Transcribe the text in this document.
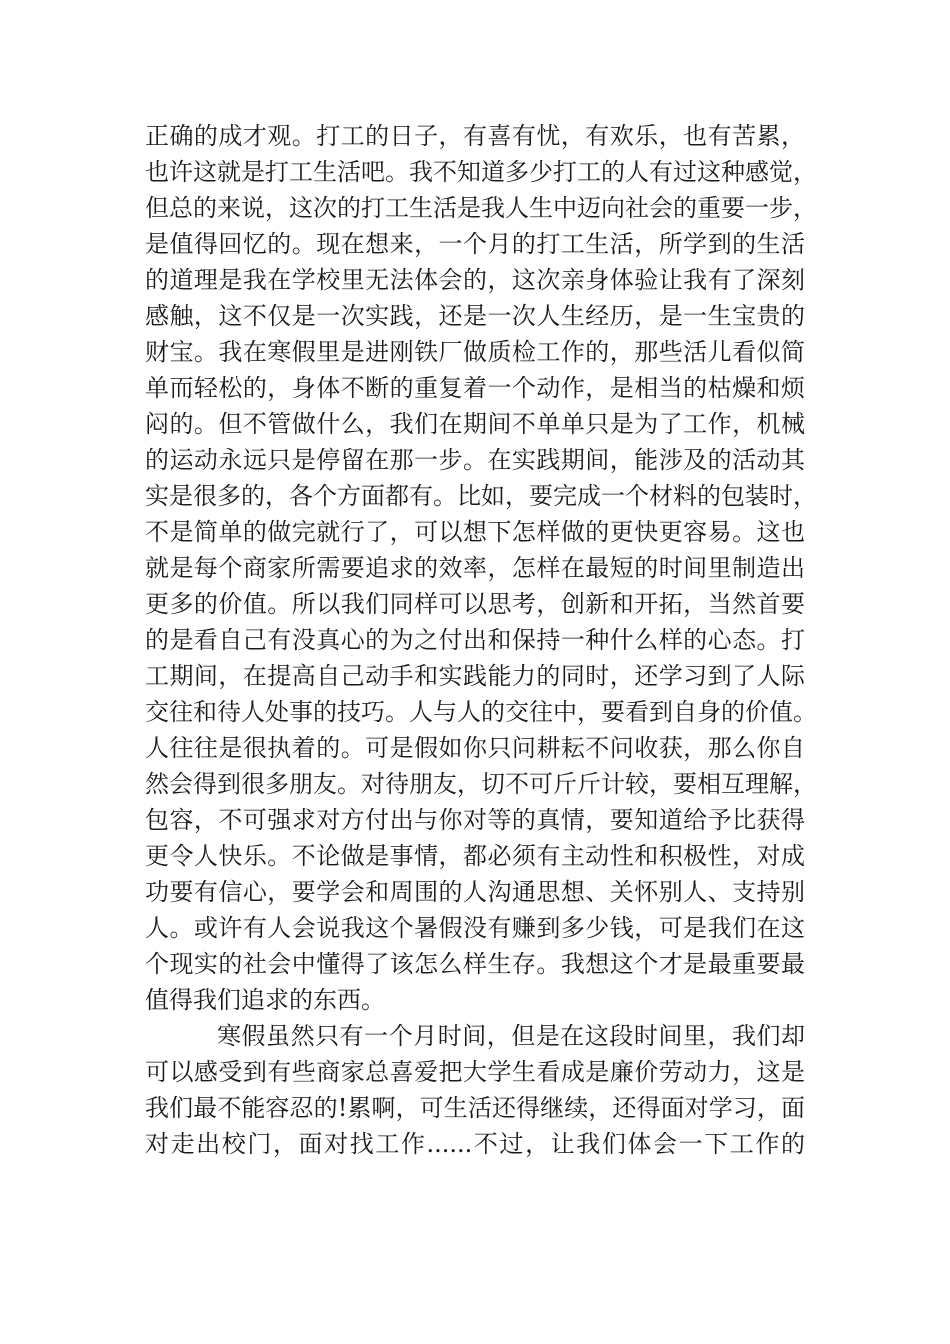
正确的成才观。打工的日子，有喜有忧，有欢乐，也有苦累，
也许这就是打工生活吧。我不知道多少打工的人有过这种感觉，
但总的来说，这次的打工生活是我人生中迈向社会的重要一步，
是值得回忆的。现在想来，一个月的打工生活，所学到的生活
的道理是我在学校里无法体会的，这次亲身体验让我有了深刻
感触，这不仅是一次实践，还是一次人生经历，是一生宝贵的
财宝。我在寒假里是进刚铁厂做质检工作的，那些活儿看似简
单而轻松的，身体不断的重复着一个动作，是相当的枯燥和烦
闷的。但不管做什么，我们在期间不单单只是为了工作，机械
的运动永远只是停留在那一步。在实践期间，能涉及的活动其
实是很多的，各个方面都有。比如，要完成一个材料的包装时，
不是简单的做完就行了，可以想下怎样做的更快更容易。这也
就是每个商家所需要追求的效率，怎样在最短的时间里制造出
更多的价值。所以我们同样可以思考，创新和开拓，当然首要
的是看自己有没真心的为之付出和保持一种什么样的心态。打
工期间，在提高自己动手和实践能力的同时，还学习到了人际
交往和待人处事的技巧。人与人的交往中，要看到自身的价值。
人往往是很执着的。可是假如你只问耕耘不问收获，那么你自
然会得到很多朋友。对待朋友，切不可斤斤计较，要相互理解，
包容，不可强求对方付出与你对等的真情，要知道给予比获得
更令人快乐。不论做是事情，都必须有主动性和积极性，对成
功要有信心，要学会和周围的人沟通思想、关怀别人、支持别
人。或许有人会说我这个暑假没有赚到多少钱，可是我们在这
个现实的社会中懂得了该怎么样生存。我想这个才是最重要最
值得我们追求的东西。
寒假虽然只有一个月时间，但是在这段时间里，我们却
可以感受到有些商家总喜爱把大学生看成是廉价劳动力，这是
我们最不能容忍的!累啊，可生活还得继续，还得面对学习，面
对走出校门，面对找工作......不过，让我们体会一下工作的
